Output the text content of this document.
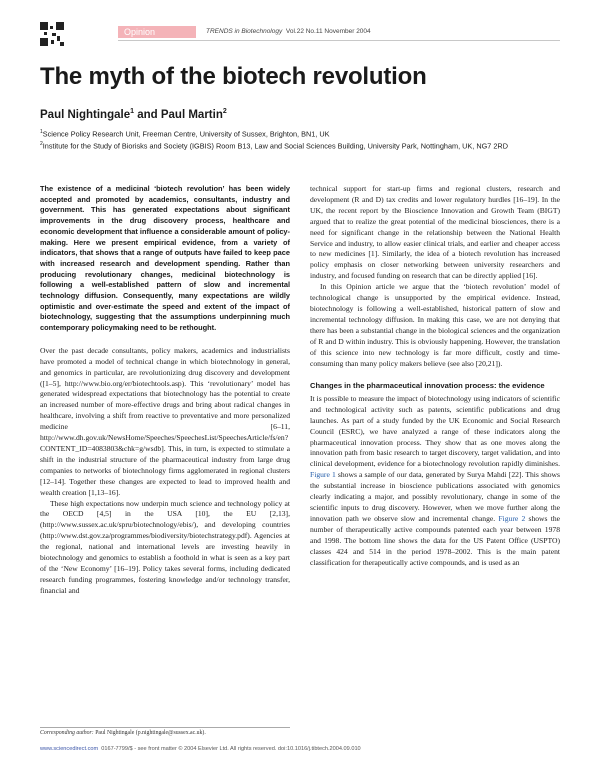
Opinion	TRENDS in Biotechnology Vol.22 No.11 November 2004
The myth of the biotech revolution
Paul Nightingale$^1$ and Paul Martin$^2$
$^1$Science Policy Research Unit, Freeman Centre, University of Sussex, Brighton, BN1, UK
$^2$Institute for the Study of Biorisks and Society (IGBIS) Room B13, Law and Social Sciences Building, University Park, Nottingham, UK, NG7 2RD

The existence of a medicinal ‘biotech revolution’ has been widely accepted and promoted by academics, consultants, industry and government. This has generated expectations about significant improvements in the drug discovery process, healthcare and economic development that influence a considerable amount of policy-making. Here we present empirical evidence, from a variety of indicators, that shows that a range of outputs have failed to keep pace with increased research and development spending. Rather than producing revolutionary changes, medicinal biotechnology is following a well-established pattern of slow and incremental technology diffusion. Consequently, many expectations are wildly optimistic and over-estimate the speed and extent of the impact of biotechnology, suggesting that the assumptions underpinning much contemporary policymaking need to be rethought.

Over the past decade consultants, policy makers, academics and industrialists have promoted a model of technical change in which biotechnology in general, and genomics in particular, are revolutionizing drug discovery and development ([1–5], http://www.bio.org/er/biotechtools.asp). This ‘revolutionary’ model has generated widespread expectations that biotechnology has the potential to create an increased number of more-effective drugs and bring about radical changes in healthcare, involving a shift from reactive to preventative and more personalized medicine [6–11, http://www.dh.gov.uk/NewsHome/Speeches/SpeechesList/SpeechesArticle/fs/en?CONTENT_ID=4083803&chk=g/wsdb]. This, in turn, is expected to stimulate a shift in the industrial structure of the pharmaceutical industry from large drug companies to networks of biotechnology firms agglomerated in regional clusters [12–14]. Together these changes are expected to lead to improved health and wealth creation [1,13–16].

These high expectations now underpin much science and technology policy at the OECD [4,5] in the USA [10], the EU [2,13], (http://www.sussex.ac.uk/spru/biotechnology/ebis/), and developing countries (http://www.dst.gov.za/programmes/biodiversity/biotechstrategy.pdf). Agencies at the regional, national and international levels are investing heavily in biotechnology and genomics to establish a foothold in what is seen as a key part of the ‘New Economy’ [16–19]. Policy takes several forms, including dedicated research funding programmes, fostering knowledge and/or technology transfer, financial and

technical support for start-up firms and regional clusters, research and development (R and D) tax credits and lower regulatory hurdles [16–19]. In the UK, the recent report by the Bioscience Innovation and Growth Team (BIGT) argued that to realize the great potential of the medicinal biosciences, there is a need for significant change in the relationship between the National Health Service and industry, to allow easier clinical trials, and earlier and cheaper access to new medicines [1]. Similarly, the idea of a biotech revolution has increased policy emphasis on closer networking between university researchers and industry, and focused funding on research that can be directly applied [16].

In this Opinion article we argue that the ‘biotech revolution’ model of technological change is unsupported by the empirical evidence. Instead, biotechnology is following a well-established, historical pattern of slow and incremental technology diffusion. In making this case, we are not denying that there has been a substantial change in the biological sciences and the organization of R and D within industry. This is obviously happening. However, the translation of this science into new technology is far more difficult, costly and time-consuming than many policy makers believe (see also [20,21]).

Changes in the pharmaceutical innovation process: the evidence

It is possible to measure the impact of biotechnology using indicators of scientific and technological activity such as patents, scientific publications and drug launches. As part of a study funded by the UK Economic and Social Research Council (ESRC), we have analyzed a range of these indicators along the pharmaceutical innovation process. They show that as one moves along the innovation path from basic research to target discovery, target validation, and into clinical development, evidence for a biotechnology revolution rapidly diminishes. Figure 1 shows a sample of our data, generated by Surya Mahdi [22]. This shows the substantial increase in bioscience publications associated with genomics clearly indicating a major, and possibly revolutionary, change in some of the scientific inputs to drug discovery. However, when we move further along the innovation path we observe slow and incremental change. Figure 2 shows the number of therapeutically active compounds patented each year between 1978 and 1998. The bottom line shows the data for the US Patent Office (USPTO) classes 424 and 514 in the period 1978–2002. This is the main patent classification for therapeutically active compounds, and is used as an

Corresponding author: Paul Nightingale (p.nightingale@sussex.ac.uk).
www.sciencedirect.com 0167-7799/$ - see front matter © 2004 Elsevier Ltd. All rights reserved. doi:10.1016/j.tibtech.2004.09.010
